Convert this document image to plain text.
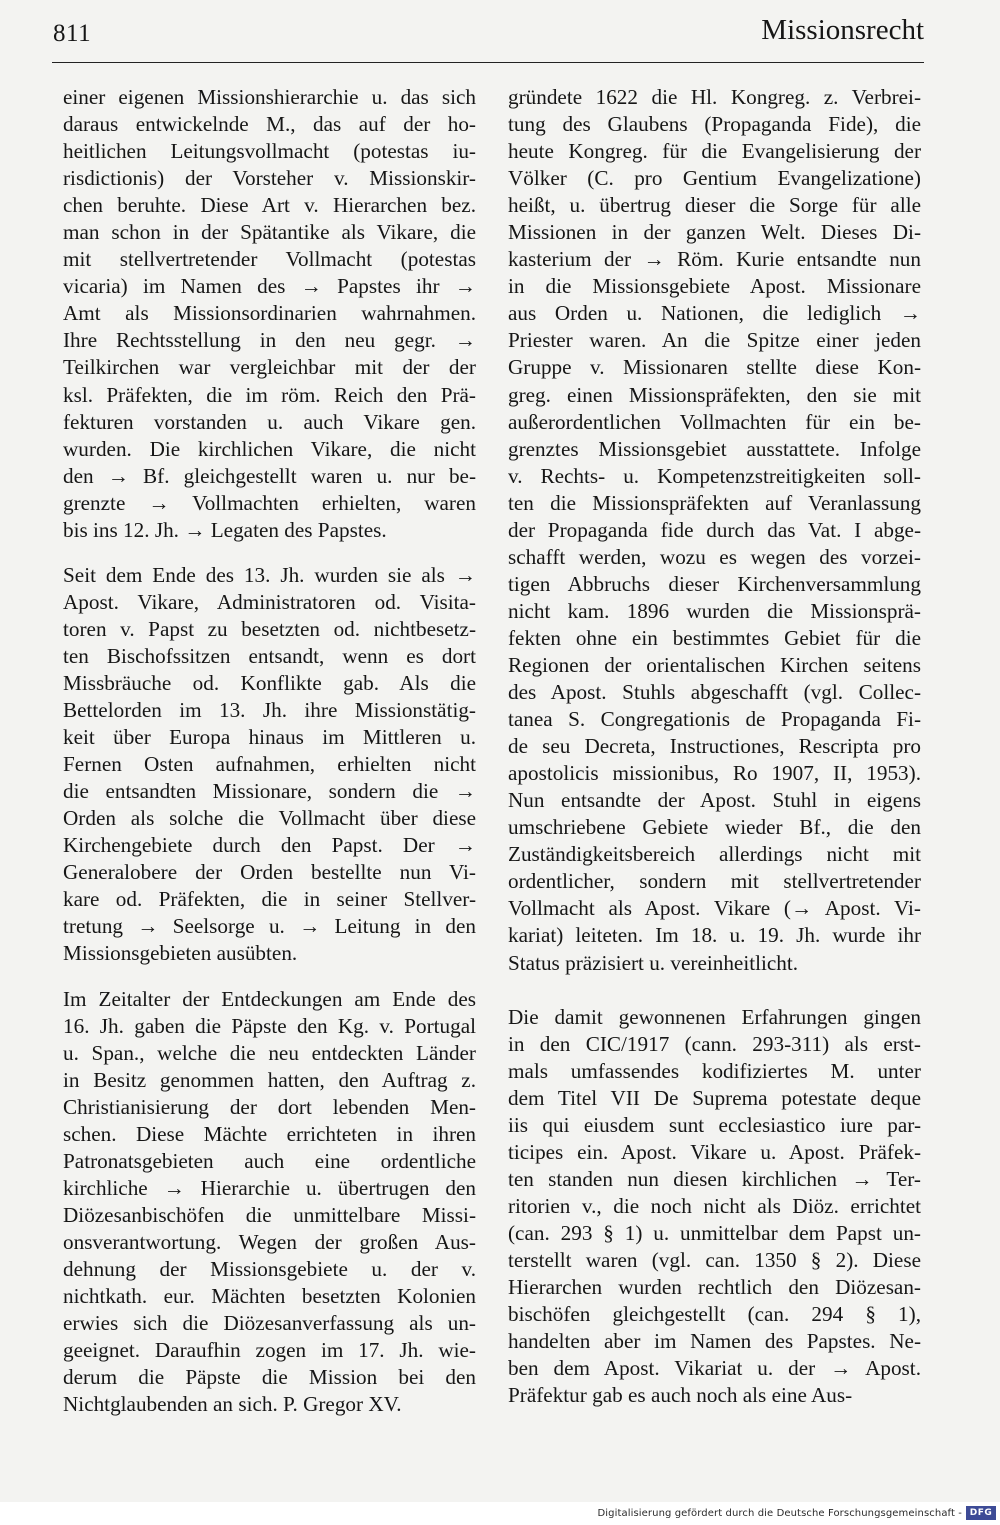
811	Missionsrecht
einer eigenen Missionshierarchie u. das sich
daraus entwickelnde M., das auf der ho-
heitlichen Leitungsvollmacht (potestas iu-
risdictionis) der Vorsteher v. Missionskir-
chen beruhte. Diese Art v. Hierarchen bez.
man schon in der Spätantike als Vikare, die
mit stellvertretender Vollmacht (potestas
vicaria) im Namen des → Papstes ihr →
Amt als Missionsordinarien wahrnahmen.
Ihre Rechtsstellung in den neu gegr. →
Teilkirchen war vergleichbar mit der der
ksl. Präfekten, die im röm. Reich den Prä-
fekturen vorstanden u. auch Vikare gen.
wurden. Die kirchlichen Vikare, die nicht
den → Bf. gleichgestellt waren u. nur be-
grenzte → Vollmachten erhielten, waren
bis ins 12. Jh. → Legaten des Papstes.
Seit dem Ende des 13. Jh. wurden sie als →
Apost. Vikare, Administratoren od. Visita-
toren v. Papst zu besetzten od. nichtbesetz-
ten Bischofssitzen entsandt, wenn es dort
Missbräuche od. Konflikte gab. Als die
Bettelorden im 13. Jh. ihre Missionstätig-
keit über Europa hinaus im Mittleren u.
Fernen Osten aufnahmen, erhielten nicht
die entsandten Missionare, sondern die →
Orden als solche die Vollmacht über diese
Kirchengebiete durch den Papst. Der →
Generalobere der Orden bestellte nun Vi-
kare od. Präfekten, die in seiner Stellver-
tretung → Seelsorge u. → Leitung in den
Missionsgebieten ausübten.
Im Zeitalter der Entdeckungen am Ende des
16. Jh. gaben die Päpste den Kg. v. Portugal
u. Span., welche die neu entdeckten Länder
in Besitz genommen hatten, den Auftrag z.
Christianisierung der dort lebenden Men-
schen. Diese Mächte errichteten in ihren
Patronatsgebieten auch eine ordentliche
kirchliche → Hierarchie u. übertrugen den
Diözesanbischöfen die unmittelbare Missi-
onsverantwortung. Wegen der großen Aus-
dehnung der Missionsgebiete u. der v.
nichtkath. eur. Mächten besetzten Kolonien
erwies sich die Diözesanverfassung als un-
geeignet. Daraufhin zogen im 17. Jh. wie-
derum die Päpste die Mission bei den
Nichtglaubenden an sich. P. Gregor XV.
gründete 1622 die Hl. Kongreg. z. Verbrei-
tung des Glaubens (Propaganda Fide), die
heute Kongreg. für die Evangelisierung der
Völker (C. pro Gentium Evangelizatione)
heißt, u. übertrug dieser die Sorge für alle
Missionen in der ganzen Welt. Dieses Di-
kasterium der → Röm. Kurie entsandte nun
in die Missionsgebiete Apost. Missionare
aus Orden u. Nationen, die lediglich →
Priester waren. An die Spitze einer jeden
Gruppe v. Missionaren stellte diese Kon-
greg. einen Missionspräfekten, den sie mit
außerordentlichen Vollmachten für ein be-
grenztes Missionsgebiet ausstattete. Infolge
v. Rechts- u. Kompetenzstreitigkeiten soll-
ten die Missionspräfekten auf Veranlassung
der Propaganda fide durch das Vat. I abge-
schafft werden, wozu es wegen des vorzei-
tigen Abbruchs dieser Kirchenversammlung
nicht kam. 1896 wurden die Missionsprä-
fekten ohne ein bestimmtes Gebiet für die
Regionen der orientalischen Kirchen seitens
des Apost. Stuhls abgeschafft (vgl. Collec-
tanea S. Congregationis de Propaganda Fi-
de seu Decreta, Instructiones, Rescripta pro
apostolicis missionibus, Ro 1907, II, 1953).
Nun entsandte der Apost. Stuhl in eigens
umschriebene Gebiete wieder Bf., die den
Zuständigkeitsbereich allerdings nicht mit
ordentlicher, sondern mit stellvertretender
Vollmacht als Apost. Vikare (→ Apost. Vi-
kariat) leiteten. Im 18. u. 19. Jh. wurde ihr
Status präzisiert u. vereinheitlicht.
Die damit gewonnenen Erfahrungen gingen
in den CIC/1917 (cann. 293-311) als erst-
mals umfassendes kodifiziertes M. unter
dem Titel VII De Suprema potestate deque
iis qui eiusdem sunt ecclesiastico iure par-
ticipes ein. Apost. Vikare u. Apost. Präfek-
ten standen nun diesen kirchlichen → Ter-
ritorien v., die noch nicht als Diöz. errichtet
(can. 293 § 1) u. unmittelbar dem Papst un-
terstellt waren (vgl. can. 1350 § 2). Diese
Hierarchen wurden rechtlich den Diözesan-
bischöfen gleichgestellt (can. 294 § 1),
handelten aber im Namen des Papstes. Ne-
ben dem Apost. Vikariat u. der → Apost.
Präfektur gab es auch noch als eine Aus-
Digitalisierung gefördert durch die Deutsche Forschungsgemeinschaft - DFG
